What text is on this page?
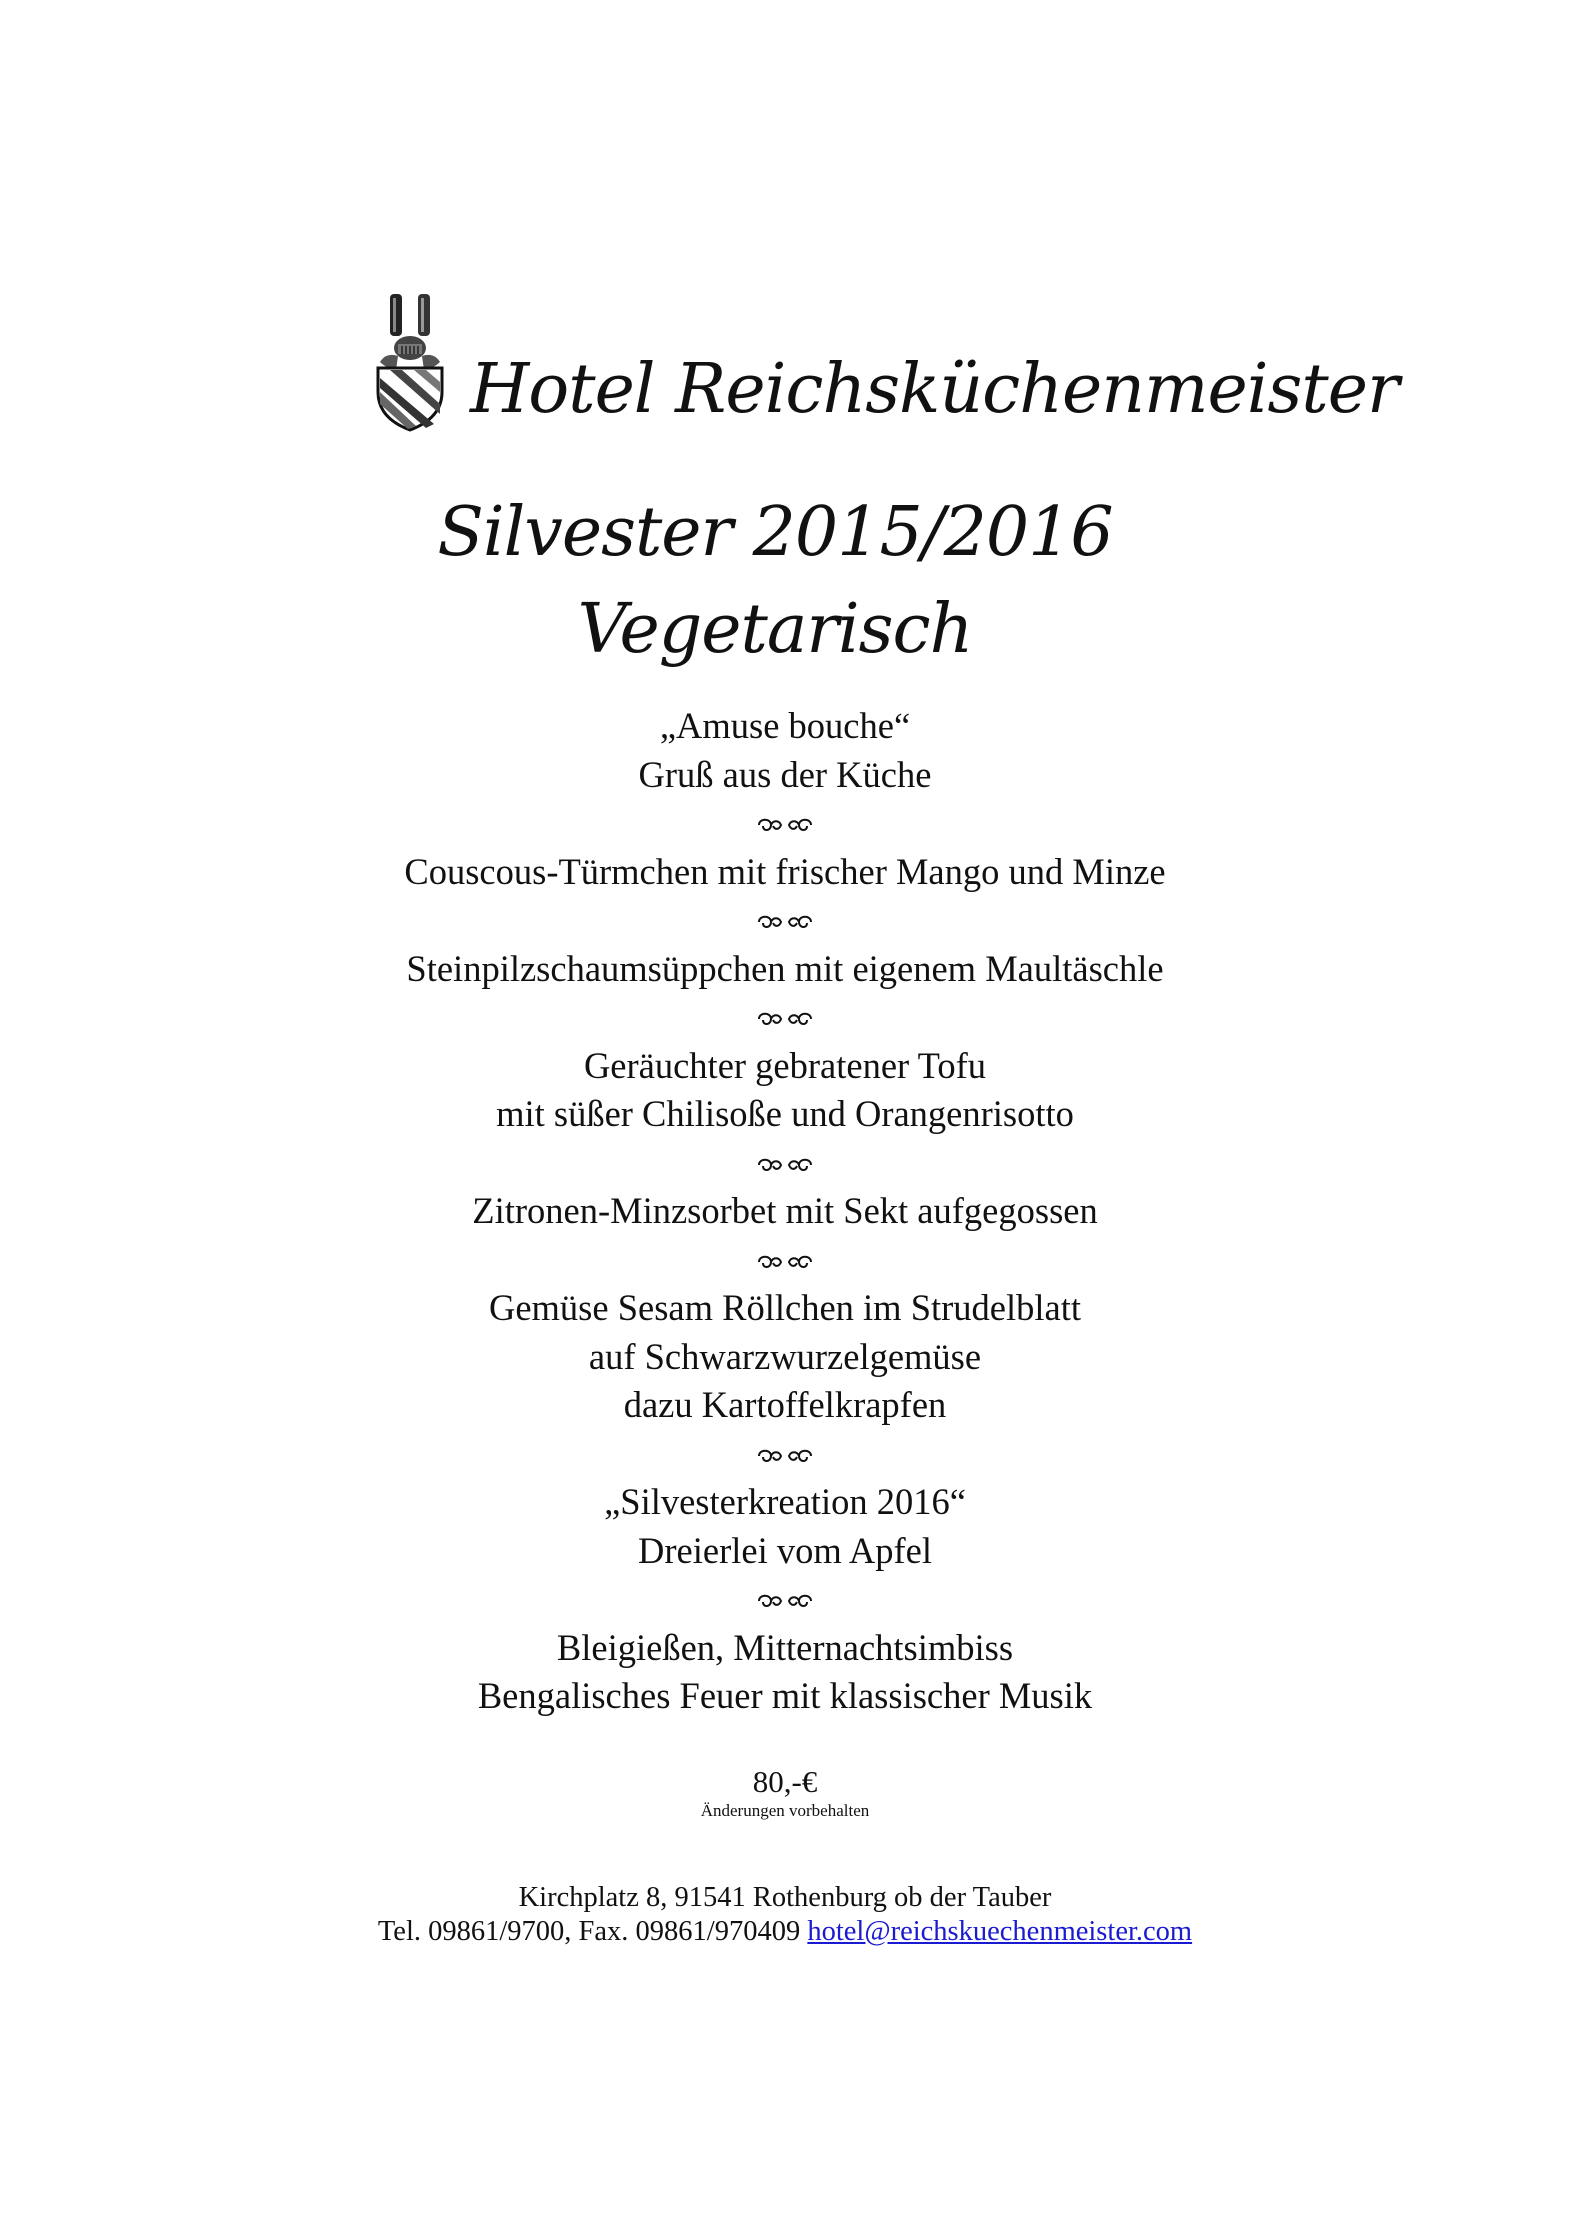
Hotel Reichsküchenmeister
Silvester 2015/2016
Vegetarisch
„Amuse bouche“
Gruß aus der Küche
Couscous-Türmchen mit frischer Mango und Minze
Steinpilzschaumsüppchen mit eigenem Maultäschle
Geräuchter gebratener Tofu
mit süßer Chilisoße und Orangenrisotto
Zitronen-Minzsorbet mit Sekt aufgegossen
Gemüse Sesam Röllchen im Strudelblatt
auf Schwarzwurzelgemüse
dazu Kartoffelkrapfen
„Silvesterkreation 2016“
Dreierlei vom Apfel
Bleigießen, Mitternachtsimbiss
Bengalisches Feuer mit klassischer Musik
80,-€
Änderungen vorbehalten
Kirchplatz 8, 91541 Rothenburg ob der Tauber
Tel. 09861/9700, Fax. 09861/970409 hotel@reichskuechenmeister.com
